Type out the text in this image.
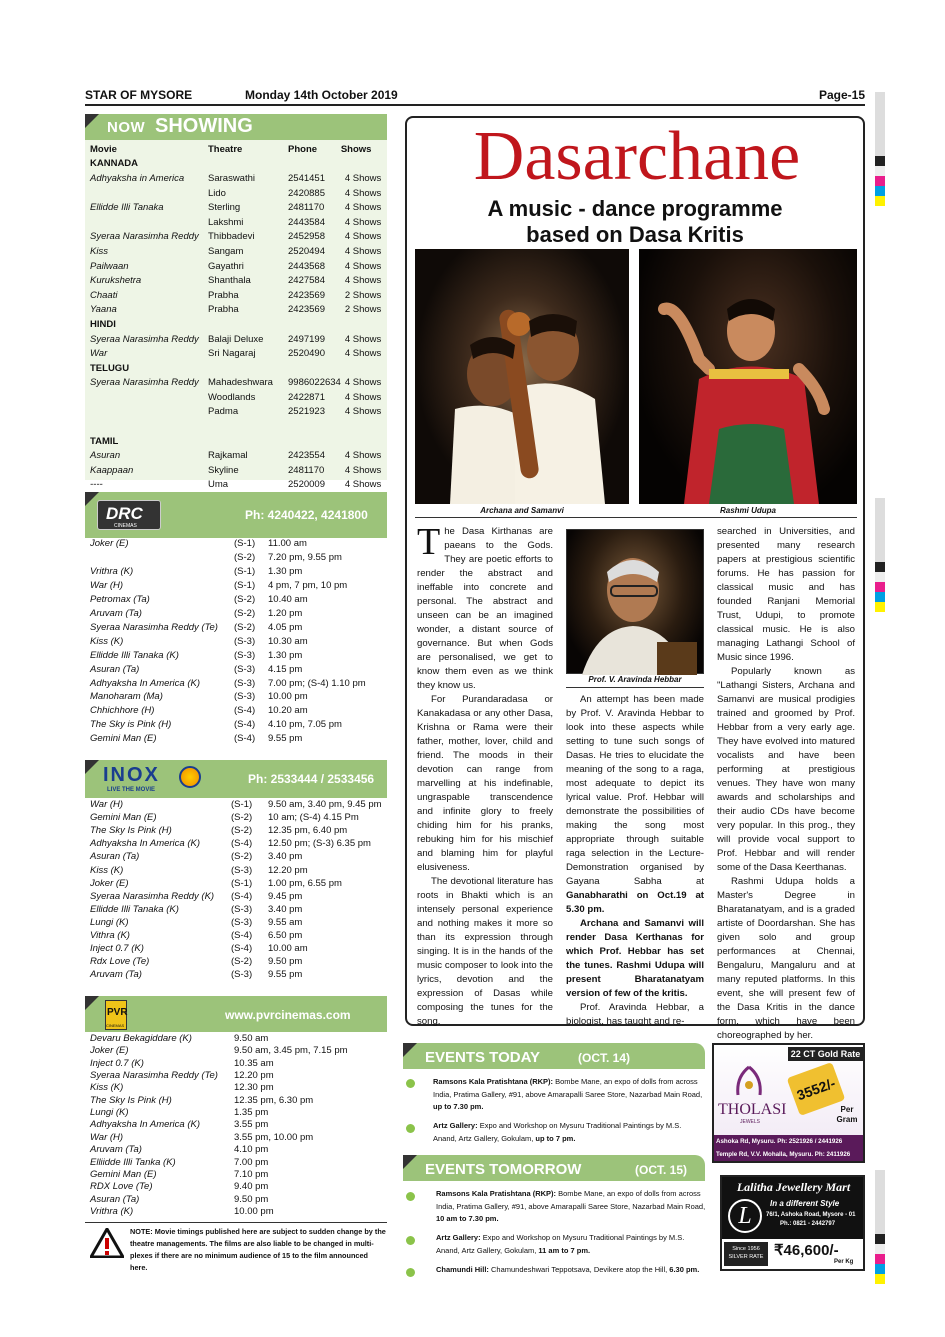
STAR OF MYSORE	Monday 14th October 2019	Page-15
NOW SHOWING
Movie	Theatre	Phone	Shows
KANNADA			
Adhyaksha in America	Saraswathi	2541451	4 Shows
	Lido	2420885	4 Shows
Ellidde Illi Tanaka	Sterling	2481170	4 Shows
	Lakshmi	2443584	4 Shows
Syeraa Narasimha Reddy	Thibbadevi	2452958	4 Shows
Kiss	Sangam	2520494	4 Shows
Pailwaan	Gayathri	2443568	4 Shows
Kurukshetra	Shanthala	2427584	4 Shows
Chaati	Prabha	2423569	2 Shows
Yaana	Prabha	2423569	2 Shows
HINDI			
Syeraa Narasimha Reddy	Balaji Deluxe	2497199	4 Shows
War	Sri Nagaraj	2520490	4 Shows
TELUGU			
Syeraa Narasimha Reddy	Mahadeshwara	9986022634	4 Shows
	Woodlands	2422871	4 Shows
	Padma	2521923	4 Shows

TAMIL			
Asuran	Rajkamal	2423554	4 Shows
Kaappaan	Skyline	2481170	4 Shows
----	Uma	2520009	4 Shows
DRC
CINEMAS
Ph: 4240422, 4241800
Joker (E)	(S-1) 11.00 am
(S-2) 7.20 pm, 9.55 pm
Vrithra (K)	(S-1) 1.30 pm
War (H)	(S-1) 4 pm, 7 pm, 10 pm
Petromax (Ta)	(S-2) 10.40 am
Aruvam (Ta)	(S-2) 1.20 pm
Syeraa Narasimha Reddy (Te) (S-2) 4.05 pm
Kiss (K)	(S-3) 10.30 am
Ellidde Illi Tanaka (K)	(S-3) 1.30 pm
Asuran (Ta)	(S-3) 4.15 pm
Adhyaksha In America (K)	(S-3) 7.00 pm; (S-4) 1.10 pm
Manoharam (Ma)	(S-3) 10.00 pm
Chhichhore (H)	(S-4) 10.20 am
The Sky is Pink (H)	(S-4) 4.10 pm, 7.05 pm
Gemini Man (E)	(S-4) 9.55 pm
INOX
LIVE THE MOVIE
Ph: 2533444 / 2533456
War (H)	(S-1) 9.50 am, 3.40 pm, 9.45 pm
Gemini Man (E)	(S-2) 10 am; (S-4) 4.15 Pm
The Sky Is Pink (H)	(S-2) 12.35 pm, 6.40 pm
Adhyaksha In America (K)	(S-4) 12.50 pm; (S-3) 6.35 pm
Asuran (Ta)	(S-2) 3.40 pm
Kiss (K)	(S-3) 12.20 pm
Joker (E)	(S-1) 1.00 pm, 6.55 pm
Syeraa Narasimha Reddy (K) (S-4) 9.45 pm
Ellidde Illi Tanaka (K)	(S-3) 3.40 pm
Lungi (K)	(S-3) 9.55 am
Vithra (K)	(S-4) 6.50 pm
Inject 0.7 (K)	(S-4) 10.00 am
Rdx Love (Te)	(S-2) 9.50 pm
Aruvam (Ta)	(S-3) 9.55 pm
PVR
CINEMAS
www.pvrcinemas.com
Devaru Bekagiddare (K)	9.50 am
Joker (E)	9.50 am, 3.45 pm, 7.15 pm
Inject 0.7 (K)	10.35 am
Syeraa Narasimha Reddy (Te) 12.20 pm
Kiss (K)	12.30 pm
The Sky Is Pink (H)	12.35 pm, 6.30 pm
Lungi (K)	1.35 pm
Adhyaksha In America (K)	3.55 pm
War (H)	3.55 pm, 10.00 pm
Aruvam (Ta)	4.10 pm
Elliidde Illi Tanka (K)	7.00 pm
Gemini Man (E)	7.10 pm
RDX Love (Te)	9.40 pm
Asuran (Ta)	9.50 pm
Vrithra (K)	10.00 pm
NOTE: Movie timings published here are subject to sudden change by the theatre managements. The films are also liable to be changed in multi-plexes if there are no minimum audience of 15 to the film announced here.
Dasarchane
A music - dance programme
based on Dasa Kritis
Archana and Samanvi	Rashmi Udupa
T he Dasa Kirthanas are paeans to the Gods. They are poetic efforts to render the abstract and ineffable into concrete and personal. The abstract and unseen can be an imagined wonder, a distant source of governance. But when Gods are personalised, we get to know them even as we think they know us.

For Purandaradasa or Kanakadasa or any other Dasa, Krishna or Rama were their father, mother, lover, child and friend. The moods in their devotion can range from marvelling at his indefinable, ungraspable transcendence and infinite glory to freely chiding him for his pranks, rebuking him for his mischief and blaming him for playful elusiveness.

The devotional literature has roots in Bhakti which is an intensely personal experience and nothing makes it more so than its expression through singing. It is in the hands of the music composer to look into the lyrics, devotion and the expression of Dasas while composing the tunes for the song.

Prof. V. Aravinda Hebbar

An attempt has been made by Prof. V. Aravinda Hebbar to look into these aspects while setting to tune such songs of Dasas. He tries to elucidate the meaning of the song to a raga, most adequate to depict its lyrical value. Prof. Hebbar will demonstrate the possibilities of making the song most appropriate through suitable raga selection in the Lecture-Demonstration organised by Gayana Sabha at Ganabharathi on Oct.19 at 5.30 pm.

Archana and Samanvi will render Dasa Kerthanas for which Prof. Hebbar has set the tunes. Rashmi Udupa will present Bharatanatyam version of few of the kritis.

Prof. Aravinda Hebbar, a biologist, has taught and re-

searched in Universities, and presented many research papers at prestigious scientific forums. He has passion for classical music and has founded Ranjani Memorial Trust, Udupi, to promote classical music. He is also managing Lathangi School of Music since 1996.

Popularly known as "Lathangi Sisters, Archana and Samanvi are musical prodigies trained and groomed by Prof. Hebbar from a very early age. They have evolved into matured vocalists and have been performing at prestigious venues. They have won many awards and scholarships and their audio CDs have become very popular. In this prog., they will provide vocal support to Prof. Hebbar and will render some of the Dasa Keerthanas.

Rashmi Udupa holds a Master's Degree in Bharatanatyam, and is a graded artiste of Doordarshan. She has given solo and group performances at Chennai, Bengaluru, Mangaluru and at many reputed platforms. In this event, she will present few of the Dasa Kritis in the dance form, which have been choreographed by her.

EVENTS TODAY	(OCT. 14)
Ramsons Kala Pratishtana (RKP): Bombe Mane, an expo of dolls from across India, Pratima Gallery, #91, above Amarapalli Saree Store, Nazarbad Main Road, up to 7.30 pm.
Artz Gallery: Expo and Workshop on Mysuru Traditional Paintings by M.S. Anand, Artz Gallery, Gokulam, up to 7 pm.
EVENTS TOMORROW	(OCT. 15)
Ramsons Kala Pratishtana (RKP): Bombe Mane, an expo of dolls from across India, Pratima Gallery, #91, above Amarapalli Saree Store, Nazarbad Main Road, 10 am to 7.30 pm.
Artz Gallery: Expo and Workshop on Mysuru Traditional Paintings by M.S. Anand, Artz Gallery, Gokulam, 11 am to 7 pm.
Chamundi Hill: Chamundeshwari Teppotsava, Devikere atop the Hill, 6.30 pm.
22 CT Gold Rate
THOLASI
JEWELS
3552/-
Per Gram
Ashoka Rd, Mysuru. Ph: 2521926 / 2441926
Temple Rd, V.V. Mohalla, Mysuru. Ph: 2411926
Lalitha Jewellery Mart
L	In a different Style
76/1, Ashoka Road, Mysore - 01
Ph.: 0821 - 2442797
Since 1956
SILVER RATE ₹46,600/-
Per Kg
